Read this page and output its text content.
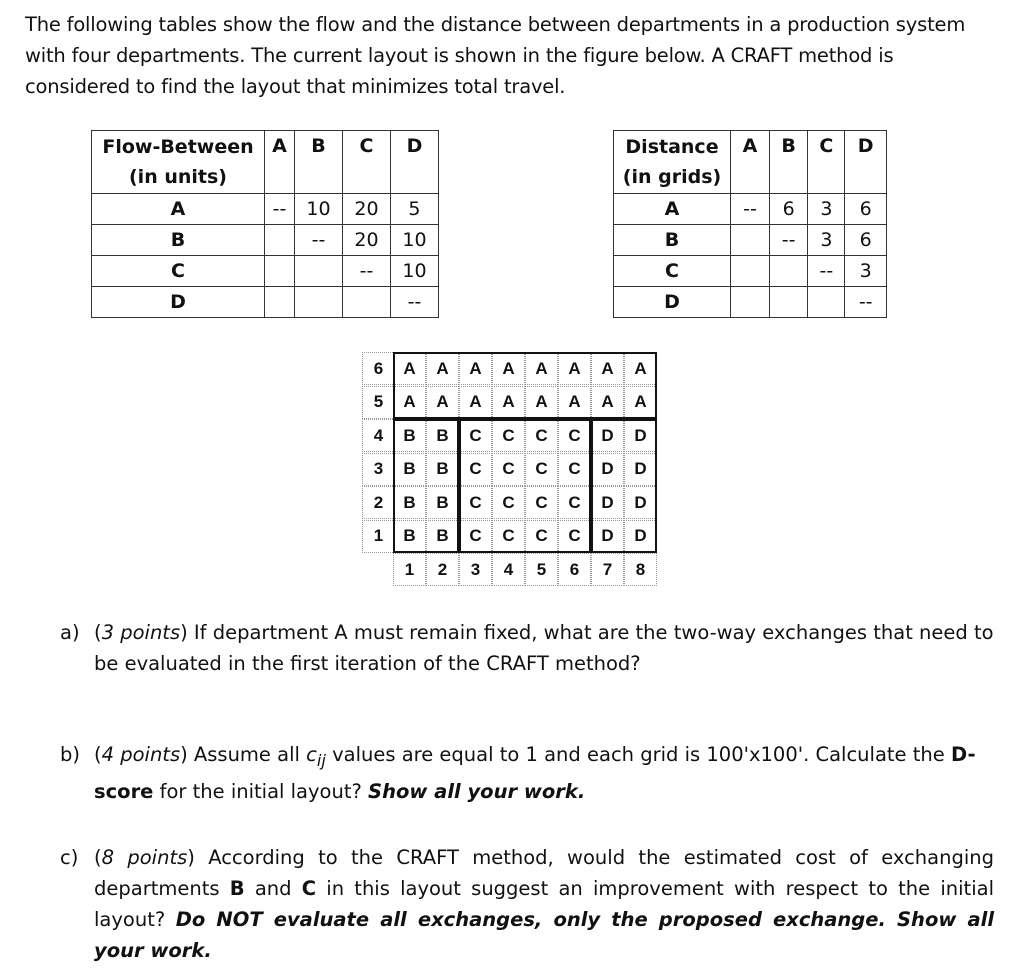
The following tables show the flow and the distance between departments in a production system with four departments. The current layout is shown in the figure below. A CRAFT method is considered to find the layout that minimizes total travel.
Flow-Between
(in units)	A	B	C	D
A	--	10	20	5
B		--	20	10
C			--	10
D				--
Distance
(in grids)	A	B	C	D
A	--	6	3	6
B		--	3	6
C			--	3
D				--
6	A	A	A	A	A	A	A	A
5	A	A	A	A	A	A	A	A
4	B	B	C	C	C	C	D	D
3	B	B	C	C	C	C	D	D
2	B	B	C	C	C	C	D	D
1	B	B	C	C	C	C	D	D
1	2	3	4	5	6	7	8
a) (3 points) If department A must remain fixed, what are the two-way exchanges that need to be evaluated in the first iteration of the CRAFT method?
b) (4 points) Assume all $c_{ij}$ values are equal to 1 and each grid is 100'x100'. Calculate the D-score for the initial layout? Show all your work.
c) (8 points) According to the CRAFT method, would the estimated cost of exchanging departments B and C in this layout suggest an improvement with respect to the initial layout? Do NOT evaluate all exchanges, only the proposed exchange. Show all your work.
